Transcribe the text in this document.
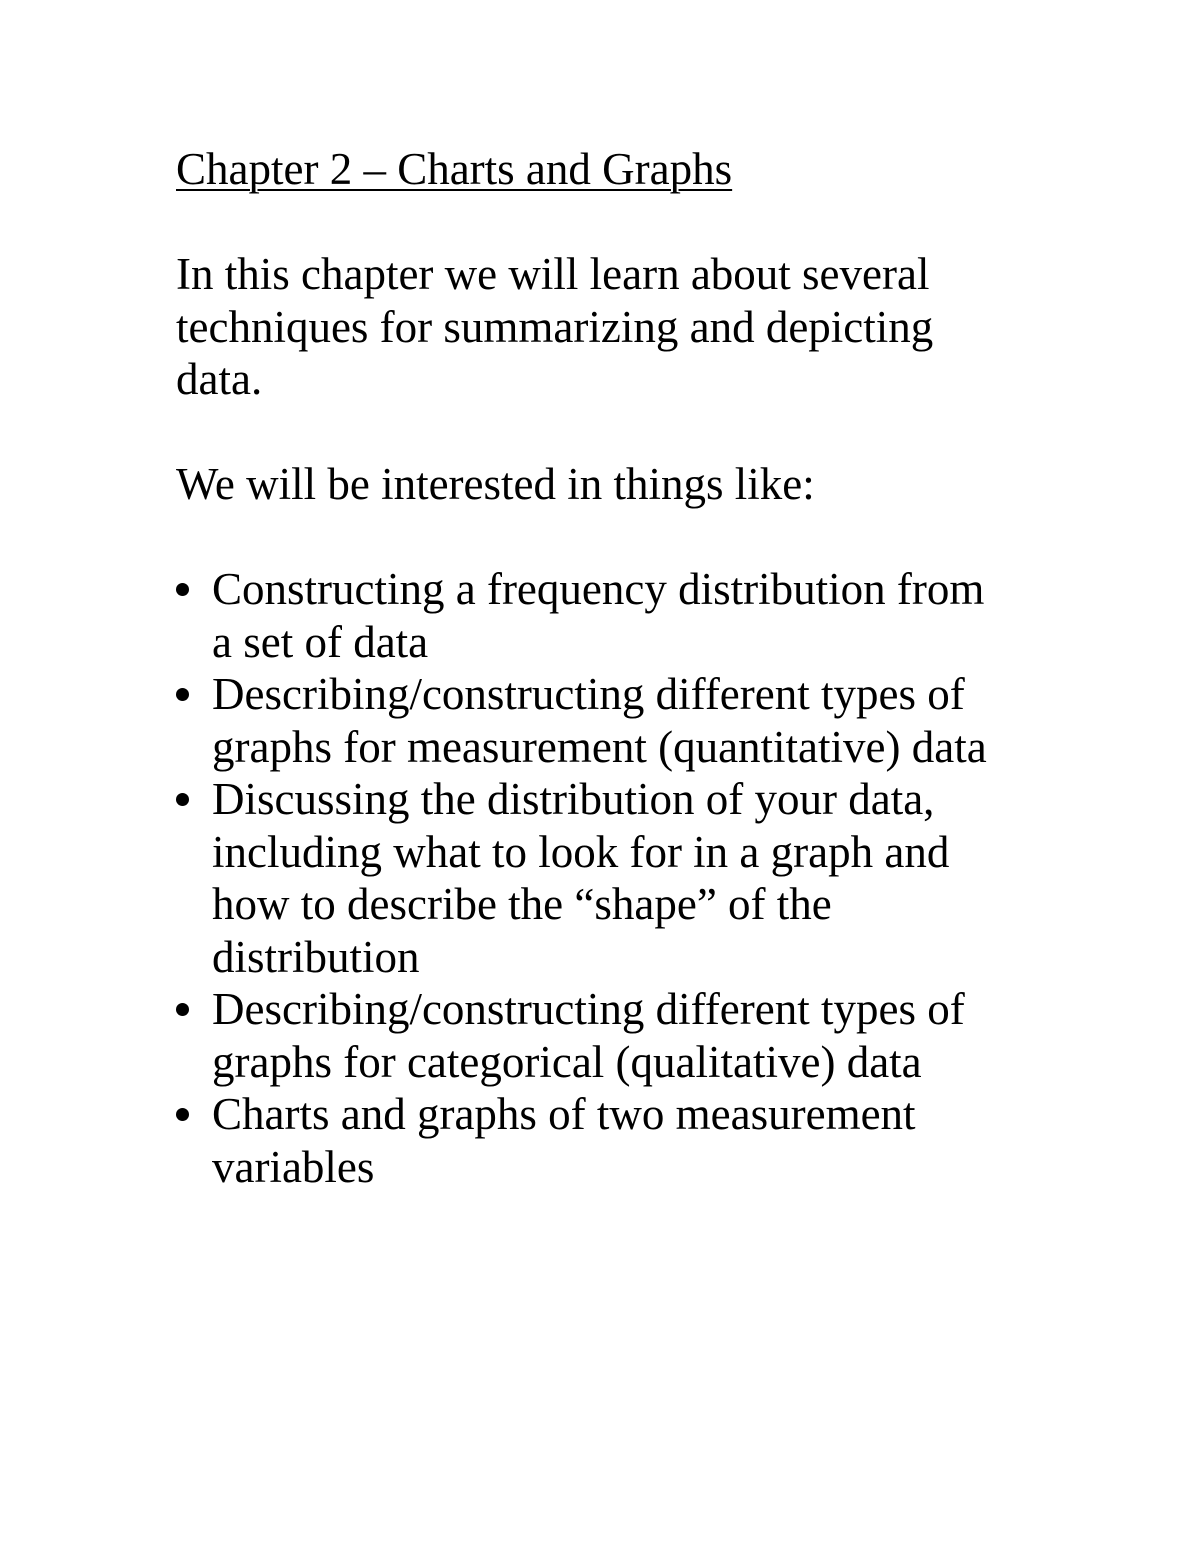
Chapter 2 – Charts and Graphs

In this chapter we will learn about several
techniques for summarizing and depicting
data.

We will be interested in things like:

Constructing a frequency distribution from
a set of data
Describing/constructing different types of
graphs for measurement (quantitative) data
Discussing the distribution of your data,
including what to look for in a graph and
how to describe the “shape” of the
distribution
Describing/constructing different types of
graphs for categorical (qualitative) data
Charts and graphs of two measurement
variables
